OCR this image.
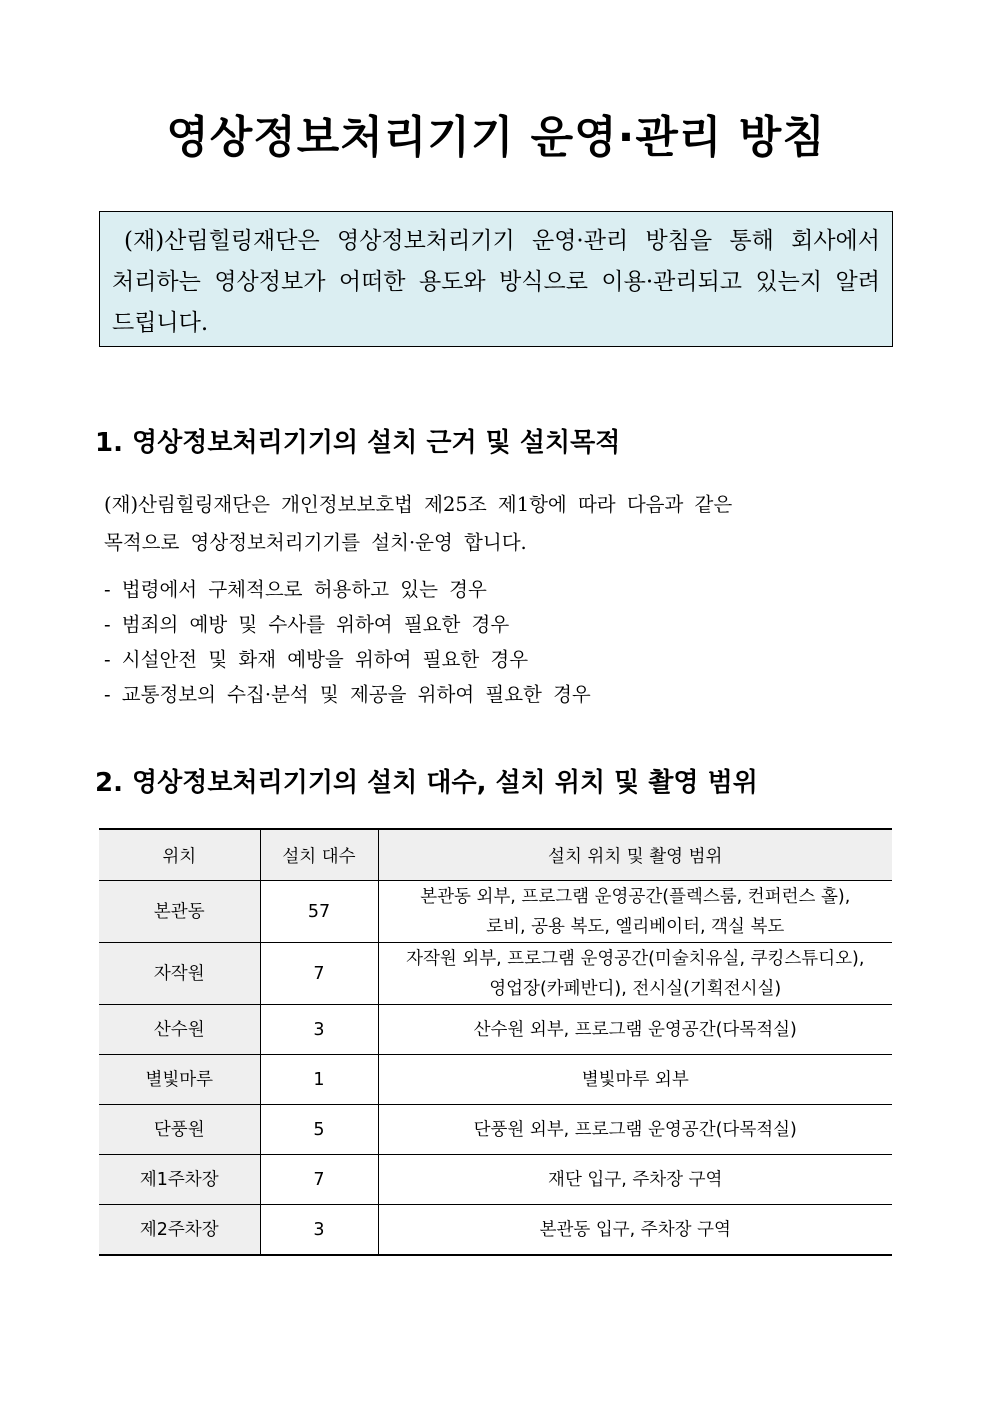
영상정보처리기기 운영·관리 방침

(재)산림힐링재단은 영상정보처리기기 운영·관리 방침을 통해 회사에서 처리하는 영상정보가 어떠한 용도와 방식으로 이용·관리되고 있는지 알려드립니다.

1. 영상정보처리기기의 설치 근거 및 설치목적
(재)산림힐링재단은 개인정보보호법 제25조 제1항에 따라 다음과 같은
목적으로 영상정보처리기기를 설치·운영 합니다.
- 법령에서 구체적으로 허용하고 있는 경우
- 범죄의 예방 및 수사를 위하여 필요한 경우
- 시설안전 및 화재 예방을 위하여 필요한 경우
- 교통정보의 수집·분석 및 제공을 위하여 필요한 경우
2. 영상정보처리기기의 설치 대수, 설치 위치 및 촬영 범위
위치	설치 대수	설치 위치 및 촬영 범위
본관동	57	본관동 외부, 프로그램 운영공간(플렉스룸, 컨퍼런스 홀),
로비, 공용 복도, 엘리베이터, 객실 복도

자작원	7	자작원 외부, 프로그램 운영공간(미술치유실, 쿠킹스튜디오),
영업장(카페반디), 전시실(기획전시실)

산수원	3	산수원 외부, 프로그램 운영공간(다목적실)
별빛마루	1	별빛마루 외부
단풍원	5	단풍원 외부, 프로그램 운영공간(다목적실)
제1주차장	7	재단 입구, 주차장 구역
제2주차장	3	본관동 입구, 주차장 구역
